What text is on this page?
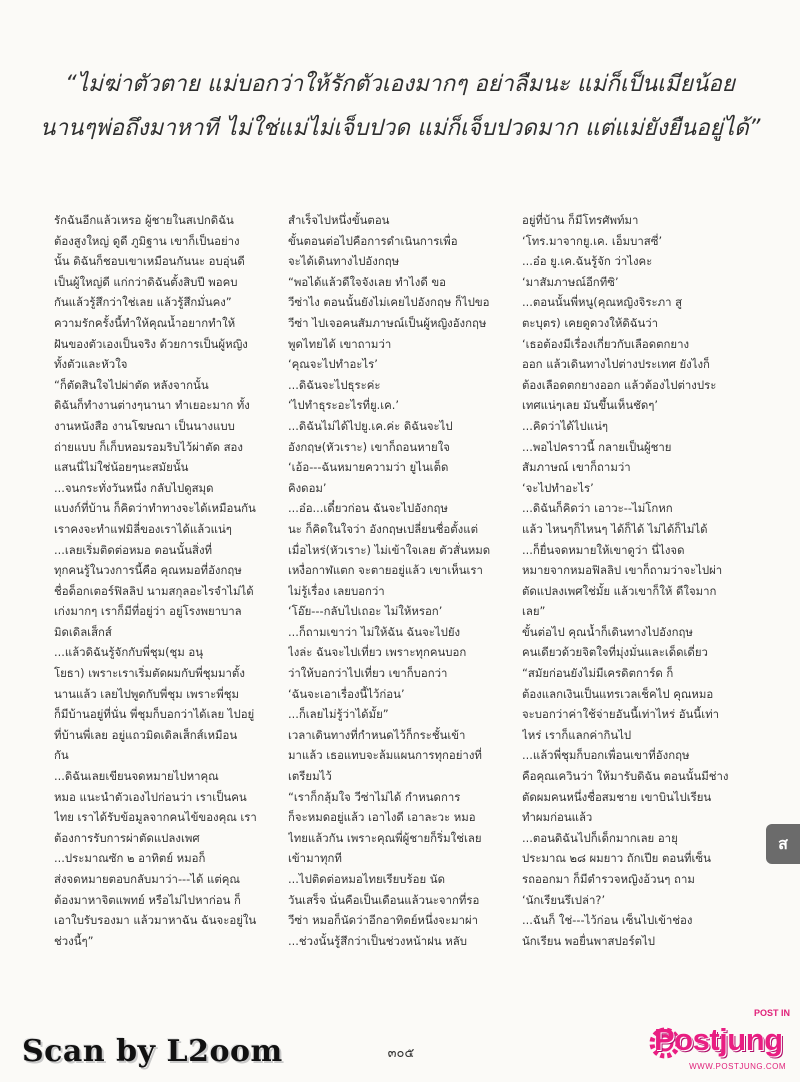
“ไม่ฆ่าตัวตาย แม่บอกว่าให้รักตัวเองมากๆ อย่าลืมนะ แม่ก็เป็นเมียน้อย
นานๆพ่อถึงมาหาที ไม่ใช่แม่ไม่เจ็บปวด แม่ก็เจ็บปวดมาก แต่แม่ยังยืนอยู่ได้”
รักฉันอีกแล้วเหรอ ผู้ชายในสเปกดิฉัน
ต้องสูงใหญ่ ดูดี ภูมิฐาน เขาก็เป็นอย่าง
นั้น ดิฉันก็ชอบเขาเหมือนกันนะ อบอุ่นดี
เป็นผู้ใหญ่ดี แก่กว่าดิฉันตั้งสิบปี พอคบ
กันแล้วรู้สึกว่าใช่เลย แล้วรู้สึกมั่นคง”
ความรักครั้งนี้ทำให้คุณน้ำอยากทำให้
ฝันของตัวเองเป็นจริง ด้วยการเป็นผู้หญิง
ทั้งตัวและหัวใจ
“ก็ตัดสินใจไปผ่าตัด หลังจากนั้น
ดิฉันก็ทำงานต่างๆนานา ทำเยอะมาก ทั้ง
งานหนังสือ งานโฆษณา เป็นนางแบบ
ถ่ายแบบ ก็เก็บหอมรอมริบไว้ผ่าตัด สอง
แสนนี่ไม่ใช่น้อยๆนะสมัยนั้น
...จนกระทั่งวันหนึ่ง กลับไปดูสมุด
แบงก์ที่บ้าน ก็คิดว่าทำทางจะได้เหมือนกัน
เราคงจะทำแฟมิลี่ของเราได้แล้วแน่ๆ
...เลยเริ่มติดต่อหมอ ตอนนั้นสิ่งที่
ทุกคนรู้ในวงการนี้คือ คุณหมอที่อังกฤษ
ชื่อด็อกเตอร์ฟิลลิป นามสกุลอะไรจำไม่ได้
เก่งมากๆ เราก็มีที่อยู่ว่า อยู่โรงพยาบาล
มิดเดิลเส็กส์
...แล้วดิฉันรู้จักกับพี่ชุม(ชุม อนุ
โยธา) เพราะเราเริ่มตัดผมกับพี่ชุมมาตั้ง
นานแล้ว เลยไปพูดกับพี่ชุม เพราะพี่ชุม
ก็มีบ้านอยู่ที่นั่น พี่ชุมก็บอกว่าได้เลย ไปอยู่
ที่บ้านพี่เลย อยู่แถวมิดเดิลเส็กส์เหมือน
กัน
...ดิฉันเลยเขียนจดหมายไปหาคุณ
หมอ แนะนำตัวเองไปก่อนว่า เราเป็นคน
ไทย เราได้รับข้อมูลจากคนไข้ของคุณ เรา
ต้องการรับการผ่าตัดแปลงเพศ
...ประมาณซัก ๒ อาทิตย์ หมอก็
ส่งจดหมายตอบกลับมาว่า---ได้ แต่คุณ
ต้องมาหาจิตแพทย์ หรือไม่ไปหาก่อน ก็
เอาใบรับรองมา แล้วมาหาฉัน ฉันจะอยู่ใน
ช่วงนี้ๆ”
สำเร็จไปหนึ่งขั้นตอน
ขั้นตอนต่อไปคือการดำเนินการเพื่อ
จะได้เดินทางไปอังกฤษ
“พอได้แล้วดีใจจังเลย ทำไงดี ขอ
วีซ่าไง ตอนนั้นยังไม่เคยไปอังกฤษ ก็ไปขอ
วีซ่า ไปเจอคนสัมภาษณ์เป็นผู้หญิงอังกฤษ
พูดไทยได้ เขาถามว่า
‘คุณจะไปทำอะไร’
...ดิฉันจะไปธุระค่ะ
‘ไปทำธุระอะไรที่ยู.เค.’
...ดิฉันไม่ได้ไปยู.เค.ค่ะ ดิฉันจะไป
อังกฤษ(หัวเราะ) เขาก็ถอนหายใจ
‘เอ้อ---ฉันหมายความว่า ยูไนเต็ด
คิงดอม’
...อ๋อ...เดี๋ยวก่อน ฉันจะไปอังกฤษ
นะ ก็คิดในใจว่า อังกฤษเปลี่ยนชื่อตั้งแต่
เมื่อไหร่(หัวเราะ) ไม่เข้าใจเลย ตัวสั่นหมด
เหงื่อกาฬแตก จะตายอยู่แล้ว เขาเห็นเรา
ไม่รู้เรื่อง เลยบอกว่า
‘โอ๊ย---กลับไปเถอะ ไม่ให้หรอก’
...ก็ถามเขาว่า ไม่ให้ฉัน ฉันจะไปยัง
ไงล่ะ ฉันจะไปเที่ยว เพราะทุกคนบอก
ว่าให้บอกว่าไปเที่ยว เขาก็บอกว่า
‘ฉันจะเอาเรื่องนี้ไว้ก่อน’
...ก็เลยไม่รู้ว่าได้มั้ย”
เวลาเดินทางที่กำหนดไว้ก็กระชั้นเข้า
มาแล้ว เธอแทบจะล้มแผนการทุกอย่างที่
เตรียมไว้
“เราก็กลุ้มใจ วีซ่าไม่ได้ กำหนดการ
ก็จะหมดอยู่แล้ว เอาไงดี เอาละวะ หมอ
ไทยแล้วกัน เพราะคุณพี่ผู้ชายก็ริ่มใช่เลย
เข้ามาทุกที
...ไปติดต่อหมอไทยเรียบร้อย นัด
วันเสร็จ นั่นคือเป็นเดือนแล้วนะจากที่รอ
วีซ่า หมอก็นัดว่าอีกอาทิตย์หนึ่งจะมาผ่า
...ช่วงนั้นรู้สึกว่าเป็นช่วงหน้าฝน หลับ
อยู่ที่บ้าน ก็มีโทรศัพท์มา
‘โทร.มาจากยู.เค. เอ็มบาสซี่’
...อ๋อ ยู.เค.ฉันรู้จัก ว่าไงคะ
‘มาสัมภาษณ์อีกทีซิ’
...ตอนนั้นพี่หนู(คุณหญิงจิระภา สู
ตะบุตร) เคยดูดวงให้ดิฉันว่า
‘เธอต้องมีเรื่องเกี่ยวกับเลือดตกยาง
ออก แล้วเดินทางไปต่างประเทศ ยังไงก็
ต้องเลือดตกยางออก แล้วต้องไปต่างประ
เทศแน่ๆเลย มันขึ้นเห็นชัดๆ’
...คิดว่าได้ไปแน่ๆ
...พอไปคราวนี้ กลายเป็นผู้ชาย
สัมภาษณ์ เขาก็ถามว่า
‘จะไปทำอะไร’
...ดิฉันก็คิดว่า เอาวะ--ไม่โกหก
แล้ว ไหนๆก็ไหนๆ ได้ก็ได้ ไม่ได้ก็ไม่ได้
...ก็ยื่นจดหมายให้เขาดูว่า นี่ไงจด
หมายจากหมอฟิลลิป เขาก็ถามว่าจะไปผ่า
ตัดแปลงเพศใช่มั้ย แล้วเขาก็ให้ ดีใจมาก
เลย”
ขั้นต่อไป คุณน้ำก็เดินทางไปอังกฤษ
คนเดียวด้วยจิตใจที่มุ่งมั่นและเด็ดเดี่ยว
“สมัยก่อนยังไม่มีเครดิตการ์ด ก็
ต้องแลกเงินเป็นแทรเวลเช็คไป คุณหมอ
จะบอกว่าค่าใช้จ่ายอันนี้เท่าไหร่ อันนี้เท่า
ไหร่ เราก็แลกค่ากินไป
...แล้วพี่ชุมก็บอกเพื่อนเขาที่อังกฤษ
คือคุณเควินว่า ให้มารับดิฉัน ตอนนั้นมีช่าง
ตัดผมคนหนึ่งชื่อสมชาย เขาบินไปเรียน
ทำผมก่อนแล้ว
...ตอนดิฉันไปก็เด็กมากเลย อายุ
ประมาณ ๒๘ ผมยาว ถักเปีย ตอนที่เซ็น
รถออกมา ก็มีตำรวจหญิงอ้วนๆ ถาม
‘นักเรียนรึเปล่า?’
...ฉันก็ ใช่---ไว้ก่อน เซ็นไปเข้าช่อง
นักเรียน พอยื่นพาสปอร์ตไป
ส
๓๐๕
Scan by L2oom
POST IN
Postjung
WWW.POSTJUNG.COM
